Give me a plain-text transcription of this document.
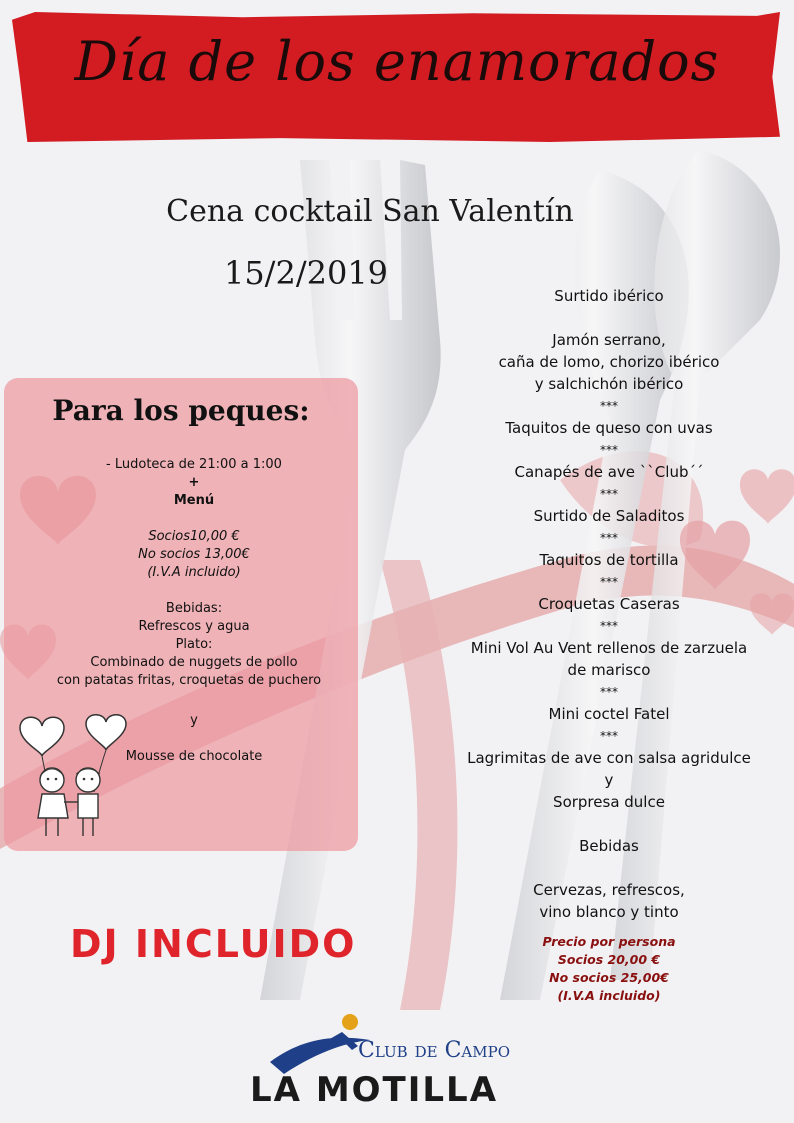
Día de los enamorados
Cena cocktail San Valentín
15/2/2019
Surtido ibérico
Jamón serrano,
caña de lomo, chorizo ibérico
y salchichón ibérico
***
Taquitos de queso con uvas
***
Canapés de ave ``Club´´
***
Surtido de Saladitos
***
Taquitos de tortilla
***
Croquetas Caseras
***
Mini Vol Au Vent rellenos de zarzuela
de marisco
***
Mini coctel Fatel
***
Lagrimitas de ave con salsa agridulce
y
Sorpresa dulce
Bebidas
Cervezas, refrescos,
vino blanco y tinto
Precio por persona
Socios 20,00 €
No socios 25,00€
(I.V.A incluido)
Para los peques:
- Ludoteca de 21:00 a 1:00
+
Menú
Socios10,00 €
No socios 13,00€
(I.V.A incluido)
Bebidas:
Refrescos y agua
Plato:
Combinado de nuggets de pollo
con patatas fritas, croquetas de puchero
y
Mousse de chocolate
DJ INCLUIDO
Club de Campo
LA MOTILLA
